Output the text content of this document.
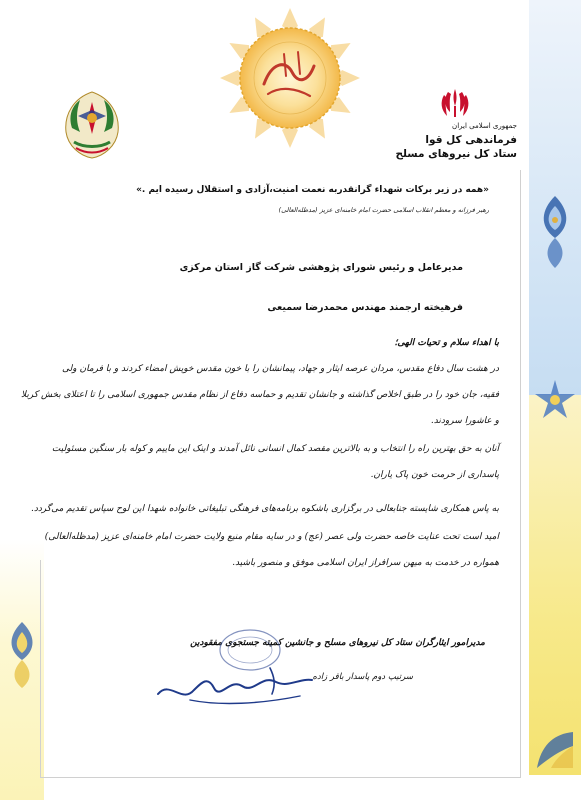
جمهوری اسلامی ایران
فرماندهی کل قوا
ستاد کل نیروهای مسلح
«همه در زیر برکات شهداء گرانقدربه نعمت امنیت،آزادی و استقلال رسیده ایم .»
رهبر فرزانه و معظم انقلاب اسلامی حضرت امام خامنه‌ای عزیز (مدظله‌العالی)
مدیرعامل و رئیس شورای پژوهشی شرکت گاز استان مرکزی
فرهیخته ارجمند مهندس محمدرضا سمیعی
با اهداء سلام و تحیات الهی؛
در هشت سال دفاع مقدس، مردان عرصه ایثار و جهاد، پیمانشان را با خون مقدس خویش امضاء کردند و با فرمان ولی
فقیه، جان خود را در طبق اخلاص گذاشته و جانشان تقدیم و حماسه دفاع از نظام مقدس جمهوری اسلامی را تا اعتلای بخش کربلا
و عاشورا سرودند.
آنان به حق بهترین راه را انتخاب و به بالاترین مقصد کمال انسانی نائل آمدند و اینک این ماییم و کوله بار سنگین مسئولیت
پاسداری از حرمت خون پاک یاران.
به پاس همکاری شایسته جنابعالی در برگزاری باشکوه برنامه‌های فرهنگی تبلیغاتی خانواده شهدا این لوح سپاس تقدیم می‌گردد.
امید است تحت عنایت خاصه حضرت ولی عصر (عج) و در سایه مقام منیع ولایت حضرت امام خامنه‌ای عزیز (مدظله‌العالی)
همواره در خدمت به میهن سرافراز ایران اسلامی موفق و منصور باشید.
مدیرامور ایثارگران ستاد کل نیروهای مسلح و جانشین کمیته جستجوی مفقودین
سرتیپ دوم پاسدار باقر زاده
